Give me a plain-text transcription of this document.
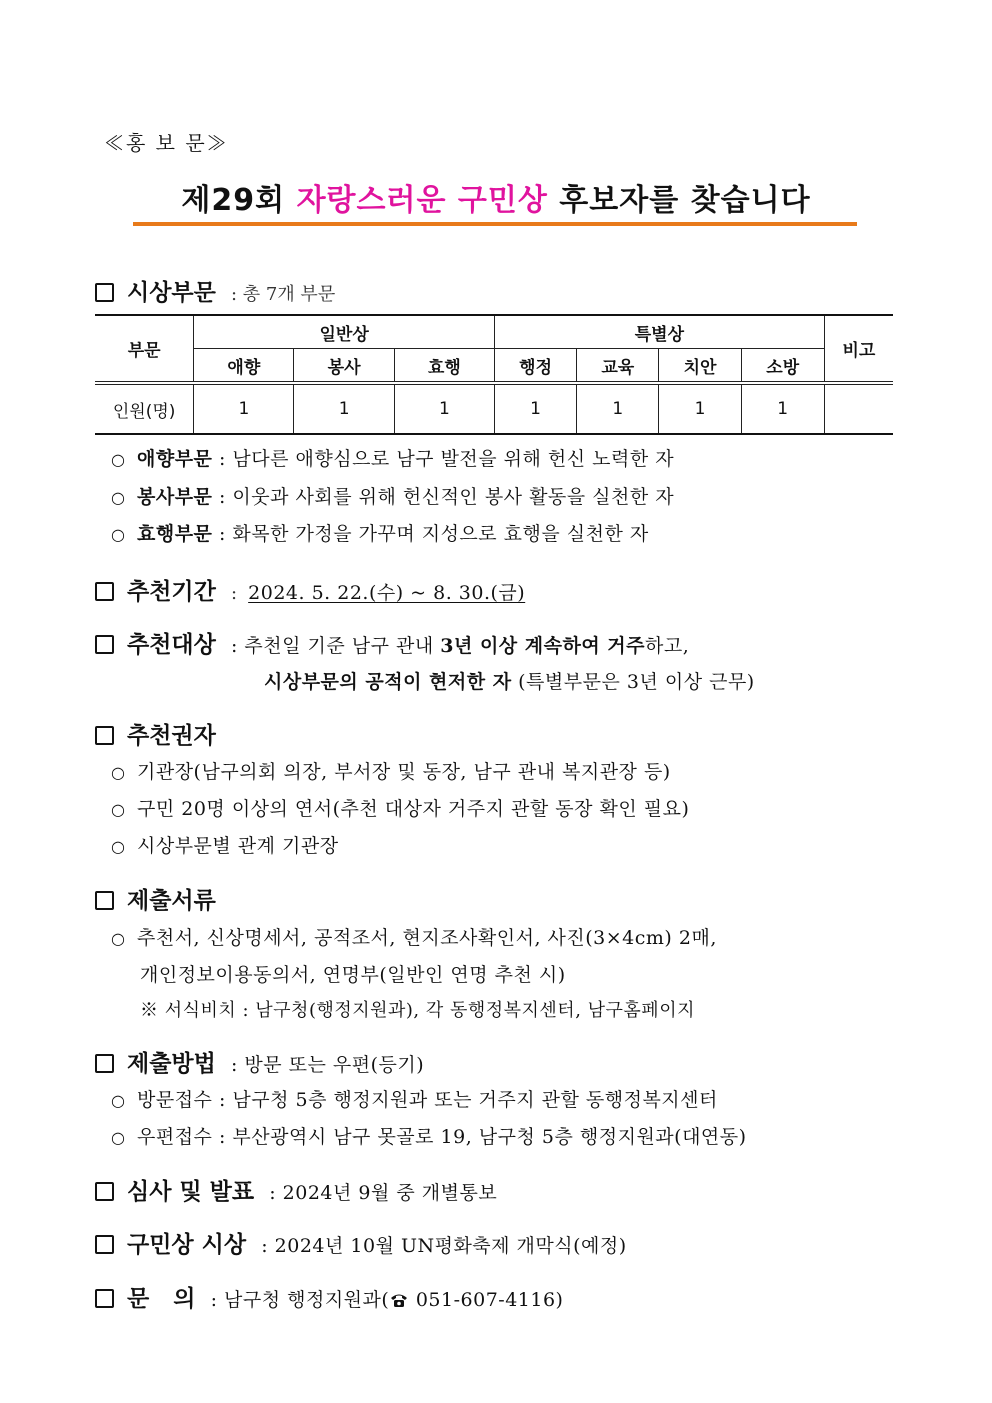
≪홍 보 문≫
제29회 자랑스러운 구민상 후보자를 찾습니다
시상부문 : 총 7개 부문
부문	일반상			특별상				비고
	애향	봉사	효행	행정	교육	치안	소방	
인원(명)	1	1	1	1	1	1	1	
○ 애향부문 : 남다른 애향심으로 남구 발전을 위해 헌신 노력한 자
○ 봉사부문 : 이웃과 사회를 위해 헌신적인 봉사 활동을 실천한 자
○ 효행부문 : 화목한 가정을 가꾸며 지성으로 효행을 실천한 자
추천기간 : 2024. 5. 22.(수) ~ 8. 30.(금)
추천대상 : 추천일 기준 남구 관내 3년 이상 계속하여 거주하고,
시상부문의 공적이 현저한 자 (특별부문은 3년 이상 근무)
추천권자
○ 기관장(남구의회 의장, 부서장 및 동장, 남구 관내 복지관장 등)
○ 구민 20명 이상의 연서(추천 대상자 거주지 관할 동장 확인 필요)
○ 시상부문별 관계 기관장
제출서류
○ 추천서, 신상명세서, 공적조서, 현지조사확인서, 사진(3×4cm) 2매,
개인정보이용동의서, 연명부(일반인 연명 추천 시)
※ 서식비치 : 남구청(행정지원과), 각 동행정복지센터, 남구홈페이지
제출방법 : 방문 또는 우편(등기)
○ 방문접수 : 남구청 5층 행정지원과 또는 거주지 관할 동행정복지센터
○ 우편접수 : 부산광역시 남구 못골로 19, 남구청 5층 행정지원과(대연동)
심사 및 발표 : 2024년 9월 중 개별통보
구민상 시상 : 2024년 10월 UN평화축제 개막식(예정)
문   의 : 남구청 행정지원과( 051-607-4116)
